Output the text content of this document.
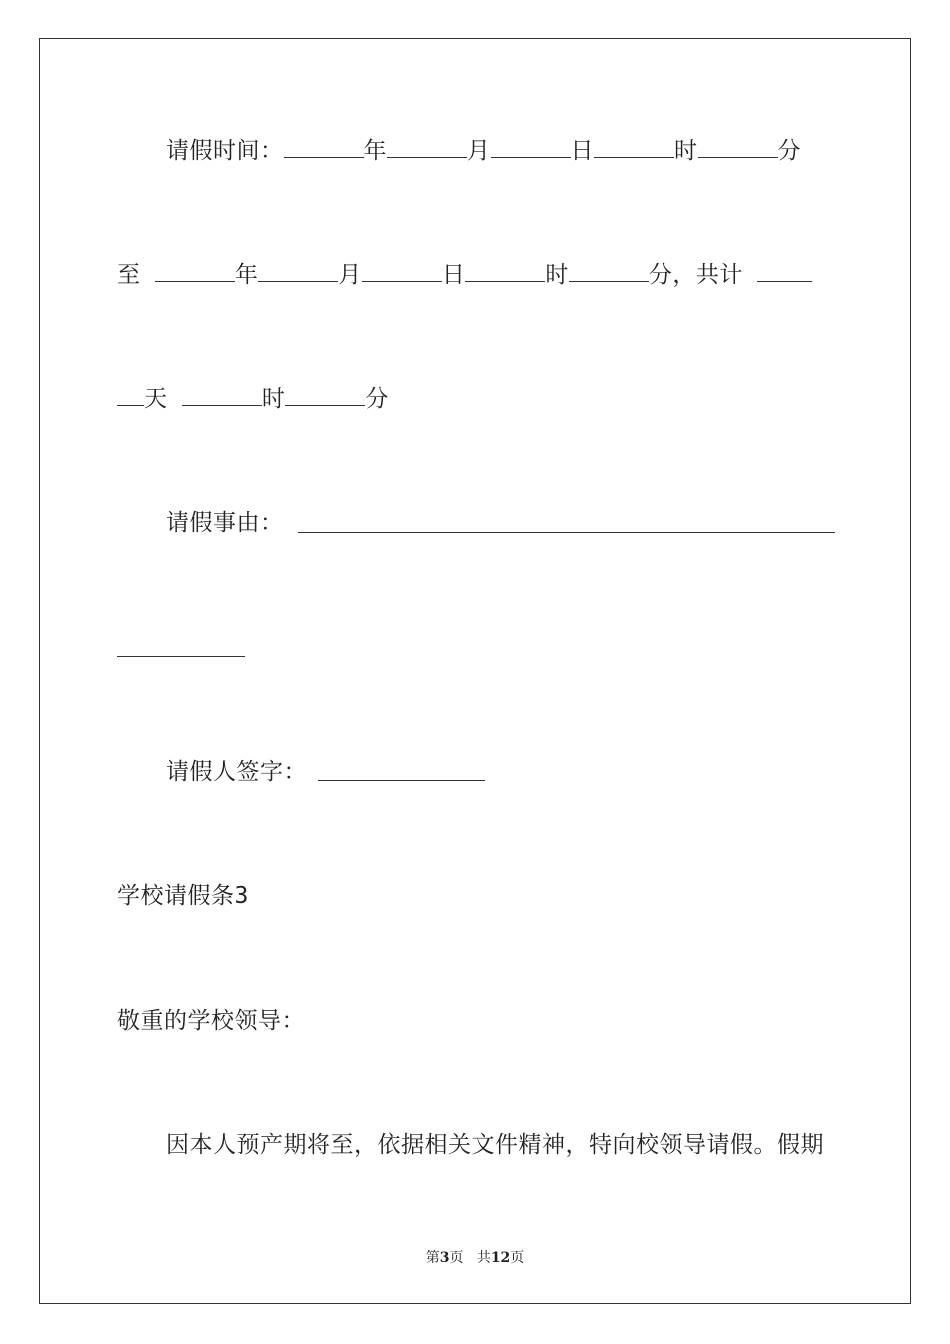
请假时间：	年	月	日	时	分
至	年	月	日	时	分，共计
天	时	分
请假事由：
请假人签字：
学校请假条3
敬重的学校领导：
因本人预产期将至，依据相关文件精神，特向校领导请假。假期
第3页 共12页
